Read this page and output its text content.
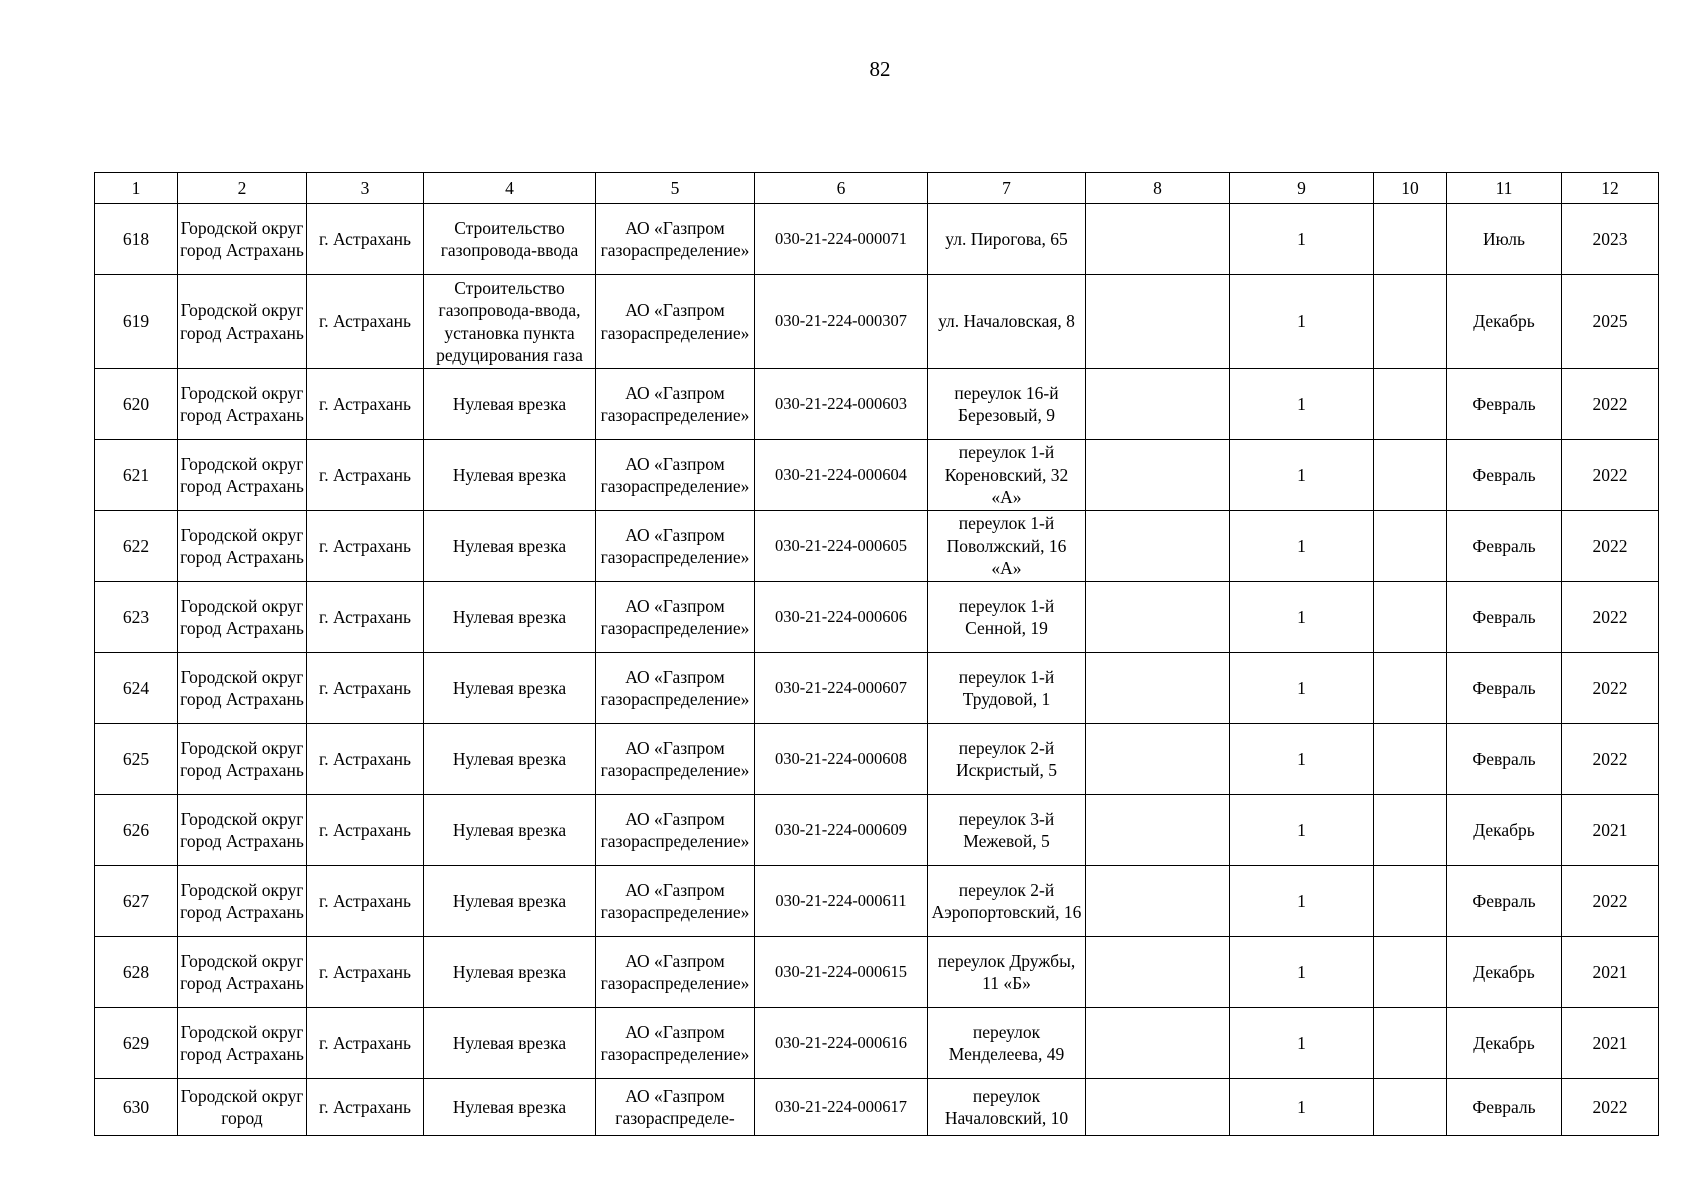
82
1	2	3	4	5	6	7	8	9	10	11	12
618	Городской округ город Астрахань	г. Астрахань	Строительство газопровода-ввода	АО «Газпром газораспределение»	030-21-224-000071	ул. Пирогова, 65		1		Июль	2023
619	Городской округ город Астрахань	г. Астрахань	Строительство газопровода-ввода, установка пункта редуцирования газа	АО «Газпром газораспределение»	030-21-224-000307	ул. Началовская, 8		1		Декабрь	2025
620	Городской округ город Астрахань	г. Астрахань	Нулевая врезка	АО «Газпром газораспределение»	030-21-224-000603	переулок 16-й Березовый, 9		1		Февраль	2022
621	Городской округ город Астрахань	г. Астрахань	Нулевая врезка	АО «Газпром газораспределение»	030-21-224-000604	переулок 1-й Кореновский, 32 «А»		1		Февраль	2022
622	Городской округ город Астрахань	г. Астрахань	Нулевая врезка	АО «Газпром газораспределение»	030-21-224-000605	переулок 1-й Поволжский, 16 «А»		1		Февраль	2022
623	Городской округ город Астрахань	г. Астрахань	Нулевая врезка	АО «Газпром газораспределение»	030-21-224-000606	переулок 1-й Сенной, 19		1		Февраль	2022
624	Городской округ город Астрахань	г. Астрахань	Нулевая врезка	АО «Газпром газораспределение»	030-21-224-000607	переулок 1-й Трудовой, 1		1		Февраль	2022
625	Городской округ город Астрахань	г. Астрахань	Нулевая врезка	АО «Газпром газораспределение»	030-21-224-000608	переулок 2-й Искристый, 5		1		Февраль	2022
626	Городской округ город Астрахань	г. Астрахань	Нулевая врезка	АО «Газпром газораспределение»	030-21-224-000609	переулок 3-й Межевой, 5		1		Декабрь	2021
627	Городской округ город Астрахань	г. Астрахань	Нулевая врезка	АО «Газпром газораспределение»	030-21-224-000611	переулок 2-й Аэропортовский, 16		1		Февраль	2022
628	Городской округ город Астрахань	г. Астрахань	Нулевая врезка	АО «Газпром газораспределение»	030-21-224-000615	переулок Дружбы, 11 «Б»		1		Декабрь	2021
629	Городской округ город Астрахань	г. Астрахань	Нулевая врезка	АО «Газпром газораспределение»	030-21-224-000616	переулок Менделеева, 49		1		Декабрь	2021
630	Городской округ город	г. Астрахань	Нулевая врезка	АО «Газпром газораспределе-	030-21-224-000617	переулок Началовский, 10		1		Февраль	2022
